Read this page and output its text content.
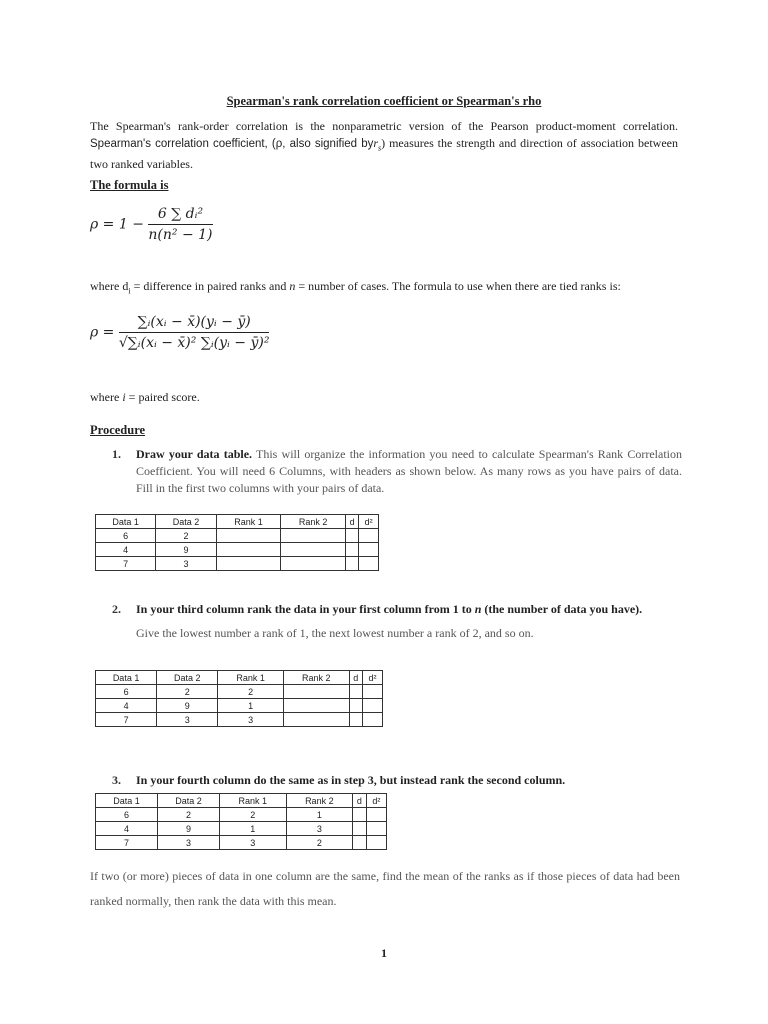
Spearman's rank correlation coefficient or Spearman's rho
The Spearman's rank-order correlation is the nonparametric version of the Pearson product-moment correlation. Spearman's correlation coefficient, (ρ, also signified byr$_s$) measures the strength and direction of association between two ranked variables.
The formula is
$\rho = 1 - \frac{\text{6 ∑ dᵢ²}}{\text{n(n² − 1)}}$
where $d_i$ = difference in paired ranks and n = number of cases. The formula to use when there are tied ranks is:
$\rho = \frac{\text{∑ᵢ(xᵢ − x̄)(yᵢ − ȳ)}}{\text{√∑ᵢ(xᵢ − x̄)² ∑ᵢ(yᵢ − ȳ)²}}$
where i = paired score.
Procedure
1. Draw your data table. This will organize the information you need to calculate Spearman's Rank Correlation Coefficient. You will need 6 Columns, with headers as shown below. As many rows as you have pairs of data. Fill in the first two columns with your pairs of data.
Data 1	Data 2	Rank 1	Rank 2	d	d²
6	2				
4	9				
7	3				
2. In your third column rank the data in your first column from 1 to n (the number of data you have).
Give the lowest number a rank of 1, the next lowest number a rank of 2, and so on.
Data 1	Data 2	Rank 1	Rank 2	d	d²
6	2	2			
4	9	1			
7	3	3			
3. In your fourth column do the same as in step 3, but instead rank the second column.
Data 1	Data 2	Rank 1	Rank 2	d	d²
6	2	2	1		
4	9	1	3		
7	3	3	2		
If two (or more) pieces of data in one column are the same, find the mean of the ranks as if those pieces of data had been ranked normally, then rank the data with this mean.
1
